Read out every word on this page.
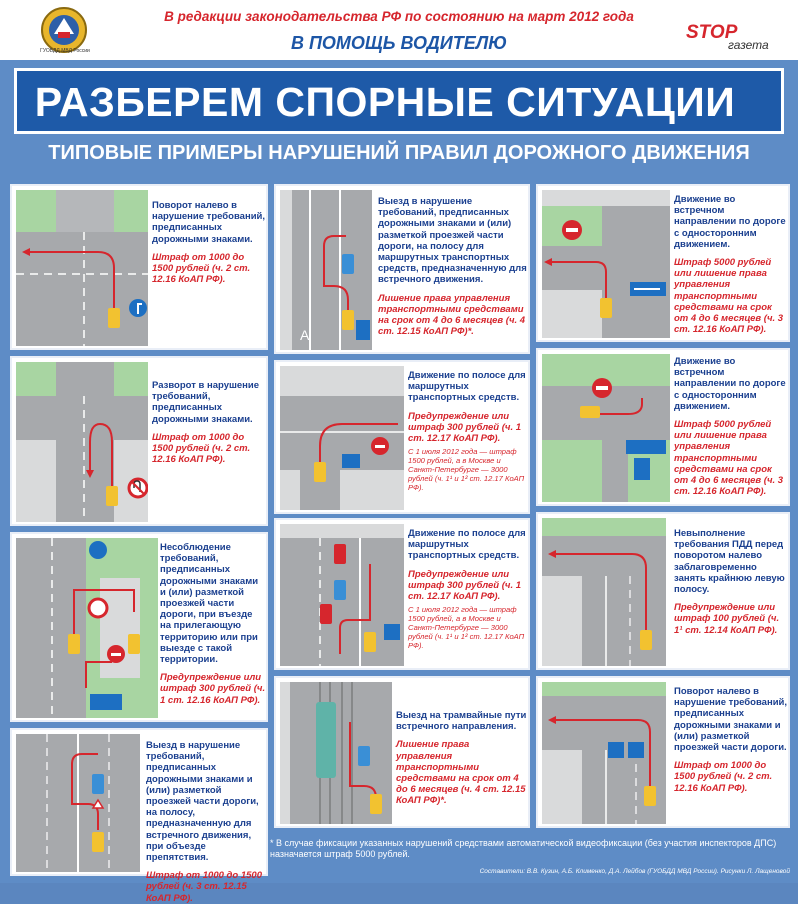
ГУОБДД МВД России
В редакции законодательства РФ по состоянию на март 2012 года
В ПОМОЩЬ ВОДИТЕЛЮ	STOP
газета
РАЗБЕРЕМ СПОРНЫЕ СИТУАЦИИ
ТИПОВЫЕ ПРИМЕРЫ НАРУШЕНИЙ ПРАВИЛ ДОРОЖНОГО ДВИЖЕНИЯ
Поворот налево в нарушение требований, предписанных дорожными знаками.
Штраф от 1000 до 1500 рублей (ч. 2 ст. 12.16 КоАП РФ).
Разворот в нарушение требований, предписанных дорожными знаками.
Штраф от 1000 до 1500 рублей (ч. 2 ст. 12.16 КоАП РФ).
Несоблюдение требований, предписанных дорожными знаками и (или) разметкой проезжей части дороги, при въезде на прилегающую территорию или при выезде с такой территории.
Предупреждение или штраф 300 рублей (ч. 1 ст. 12.16 КоАП РФ).
Выезд в нарушение требований, предписанных дорожными знаками и (или) разметкой проезжей части дороги, на полосу, предназначенную для встречного движения, при объезде препятствия.
Штраф от 1000 до 1500 рублей (ч. 3 ст. 12.15 КоАП РФ).
А
Выезд в нарушение требований, предписанных дорожными знаками и (или) разметкой проезжей части дороги, на полосу для маршрутных транспортных средств, предназначенную для встречного движения.
Лишение права управления транспортными средствами на срок от 4 до 6 месяцев (ч. 4 ст. 12.15 КоАП РФ)*.
Движение по полосе для маршрутных транспортных средств.
Предупреждение или штраф 300 рублей (ч. 1 ст. 12.17 КоАП РФ).
С 1 июля 2012 года — штраф 1500 рублей, а в Москве и Санкт-Петербурге — 3000 рублей (ч. 1¹ и 1² ст. 12.17 КоАП РФ).
Движение по полосе для маршрутных транспортных средств.
Предупреждение или штраф 300 рублей (ч. 1 ст. 12.17 КоАП РФ).
С 1 июля 2012 года — штраф 1500 рублей, а в Москве и Санкт-Петербурге — 3000 рублей (ч. 1¹ и 1² ст. 12.17 КоАП РФ).
Выезд на трамвайные пути встречного направления.
Лишение права управления транспортными средствами на срок от 4 до 6 месяцев (ч. 4 ст. 12.15 КоАП РФ)*.
Движение во встречном направлении по дороге с односторонним движением.
Штраф 5000 рублей или лишение права управления транспортными средствами на срок от 4 до 6 месяцев (ч. 3 ст. 12.16 КоАП РФ).
Движение во встречном направлении по дороге с односторонним движением.
Штраф 5000 рублей или лишение права управления транспортными средствами на срок от 4 до 6 месяцев (ч. 3 ст. 12.16 КоАП РФ).
Невыполнение требования ПДД перед поворотом налево заблаговременно занять крайнюю левую полосу.
Предупреждение или штраф 100 рублей (ч. 1¹ ст. 12.14 КоАП РФ).
Поворот налево в нарушение требований, предписанных дорожными знаками и (или) разметкой проезжей части дороги.
Штраф от 1000 до 1500 рублей (ч. 2 ст. 12.16 КоАП РФ).
* В случае фиксации указанных нарушений средствами автоматической видеофиксации (без участия инспекторов ДПС) назначается штраф 5000 рублей.
Составители: В.В. Кузин, А.Б. Клименко, Д.А. Лейбов (ГУОБДД МВД России). Рисунки Л. Лащеновой
